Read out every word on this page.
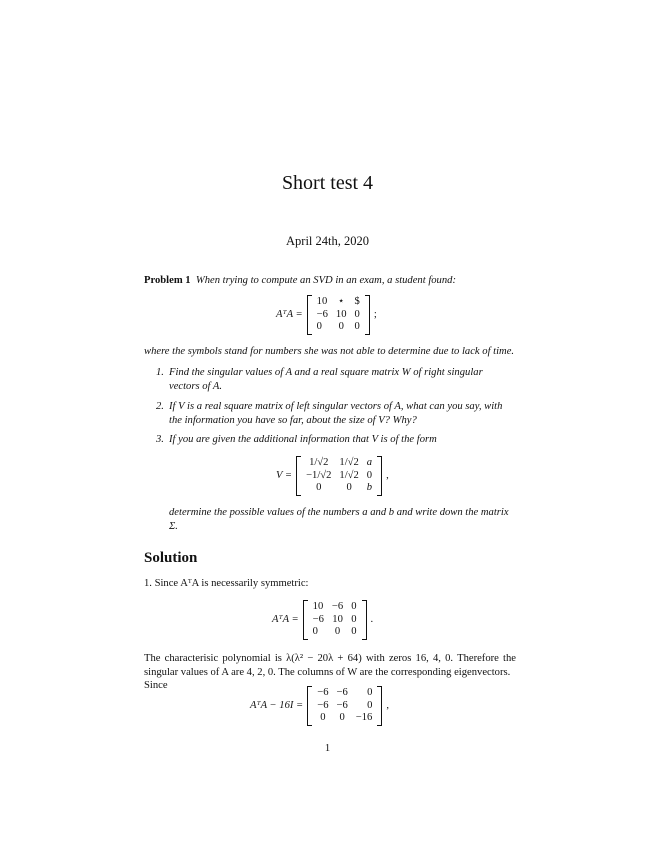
Short test 4
April 24th, 2020
Problem 1 When trying to compute an SVD in an exam, a student found:
AᵀA =
10	⋆	$
−6	10	0
0	0	0
;
where the symbols stand for numbers she was not able to determine due to lack of time.
1. Find the singular values of A and a real square matrix W of right singular vectors of A.
2. If V is a real square matrix of left singular vectors of A, what can you say, with the information you have so far, about the size of V? Why?
3. If you are given the additional information that V is of the form
V =
1/√2	1/√2	a
−1/√2	1/√2	0
0	0	b
,
determine the possible values of the numbers a and b and write down the matrix Σ.
Solution
1. Since AᵀA is necessarily symmetric:
AᵀA =
10	−6	0
−6	10	0
0	0	0
.
The characterisic polynomial is λ(λ² − 20λ + 64) with zeros 16, 4, 0. Therefore the singular values of A are 4, 2, 0. The columns of W are the corresponding eigenvectors.
Since
AᵀA − 16I =
−6	−6	0
−6	−6	0
0	0	−16
,
1
